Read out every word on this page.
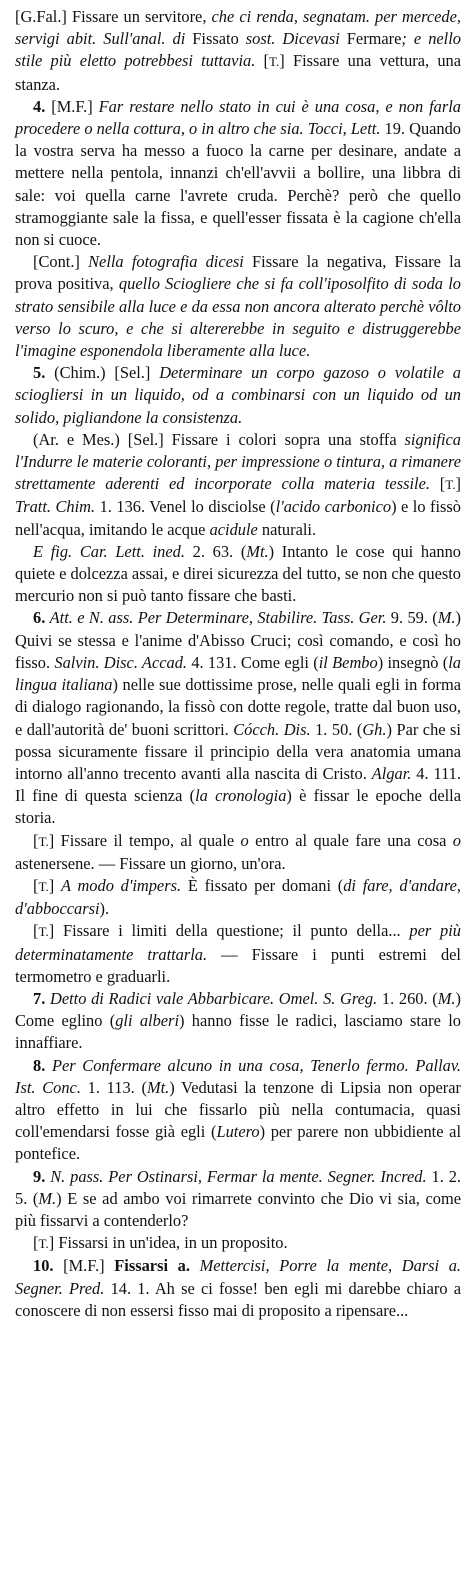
[G.Fal.] Fissare un servitore, che ci renda, segnatam. per mercede, servigi abit. Sull'anal. di Fissato sost. Dicevasi Fermare; e nello stile più eletto potrebbesi tuttavia. [T.] Fissare una vettura, una stanza.

4. [M.F.] Far restare nello stato in cui è una cosa, e non farla procedere o nella cottura, o in altro che sia. Tocci, Lett. 19. Quando la vostra serva ha messo a fuoco la carne per desinare, andate a mettere nella pentola, innanzi ch'ell'avvii a bollire, una libbra di sale: voi quella carne l'avrete cruda. Perchè? però che quello stramoggiante sale la fissa, e quell'esser fissata è la cagione ch'ella non si cuoce.

[Cont.] Nella fotografia dicesi Fissare la negativa, Fissare la prova positiva, quello Sciogliere che si fa coll'iposolfito di soda lo strato sensibile alla luce e da essa non ancora alterato perchè vôlto verso lo scuro, e che si altererebbe in seguito e distruggerebbe l'imagine esponendola liberamente alla luce.

5. (Chim.) [Sel.] Determinare un corpo gazoso o volatile a sciogliersi in un liquido, od a combinarsi con un liquido od un solido, pigliandone la consistenza.

(Ar. e Mes.) [Sel.] Fissare i colori sopra una stoffa significa l'Indurre le materie coloranti, per impressione o tintura, a rimanere strettamente aderenti ed incorporate colla materia tessile. [T.] Tratt. Chim. 1. 136. Venel lo disciolse (l'acido carbonico) e lo fissò nell'acqua, imitando le acque acidule naturali.

E fig. Car. Lett. ined. 2. 63. (Mt.) Intanto le cose qui hanno quiete e dolcezza assai, e direi sicurezza del tutto, se non che questo mercurio non si può tanto fissare che basti.

6. Att. e N. ass. Per Determinare, Stabilire. Tass. Ger. 9. 59. (M.) Quivi se stessa e l'anime d'Abisso Cruci; così comando, e così ho fisso. Salvin. Disc. Accad. 4. 131. Come egli (il Bembo) insegnò (la lingua italiana) nelle sue dottissime prose, nelle quali egli in forma di dialogo ragionando, la fissò con dotte regole, tratte dal buon uso, e dall'autorità de' buoni scrittori. Cócch. Dis. 1. 50. (Gh.) Par che si possa sicuramente fissare il principio della vera anatomia umana intorno all'anno trecento avanti alla nascita di Cristo. Algar. 4. 111. Il fine di questa scienza (la cronologia) è fissar le epoche della storia.

[T.] Fissare il tempo, al quale o entro al quale fare una cosa o astenersene. — Fissare un giorno, un'ora.

[T.] A modo d'impers. È fissato per domani (di fare, d'andare, d'abboccarsi).

[T.] Fissare i limiti della questione; il punto della... per più determinatamente trattarla. — Fissare i punti estremi del termometro e graduarli.

7. Detto di Radici vale Abbarbicare. Omel. S. Greg. 1. 260. (M.) Come eglino (gli alberi) hanno fisse le radici, lasciamo stare lo innaffiare.

8. Per Confermare alcuno in una cosa, Tenerlo fermo. Pallav. Ist. Conc. 1. 113. (Mt.) Vedutasi la tenzone di Lipsia non operar altro effetto in lui che fissarlo più nella contumacia, quasi coll'emendarsi fosse già egli (Lutero) per parere non ubbidiente al pontefice.

9. N. pass. Per Ostinarsi, Fermar la mente. Segner. Incred. 1. 2. 5. (M.) E se ad ambo voi rimarrete convinto che Dio vi sia, come più fissarvi a contenderlo?

[T.] Fissarsi in un'idea, in un proposito.

10. [M.F.] Fissarsi a. Mettercisi, Porre la mente, Darsi a. Segner. Pred. 14. 1. Ah se ci fosse! ben egli mi darebbe chiaro a conoscere di non essersi fisso mai di proposito a ripensare...
